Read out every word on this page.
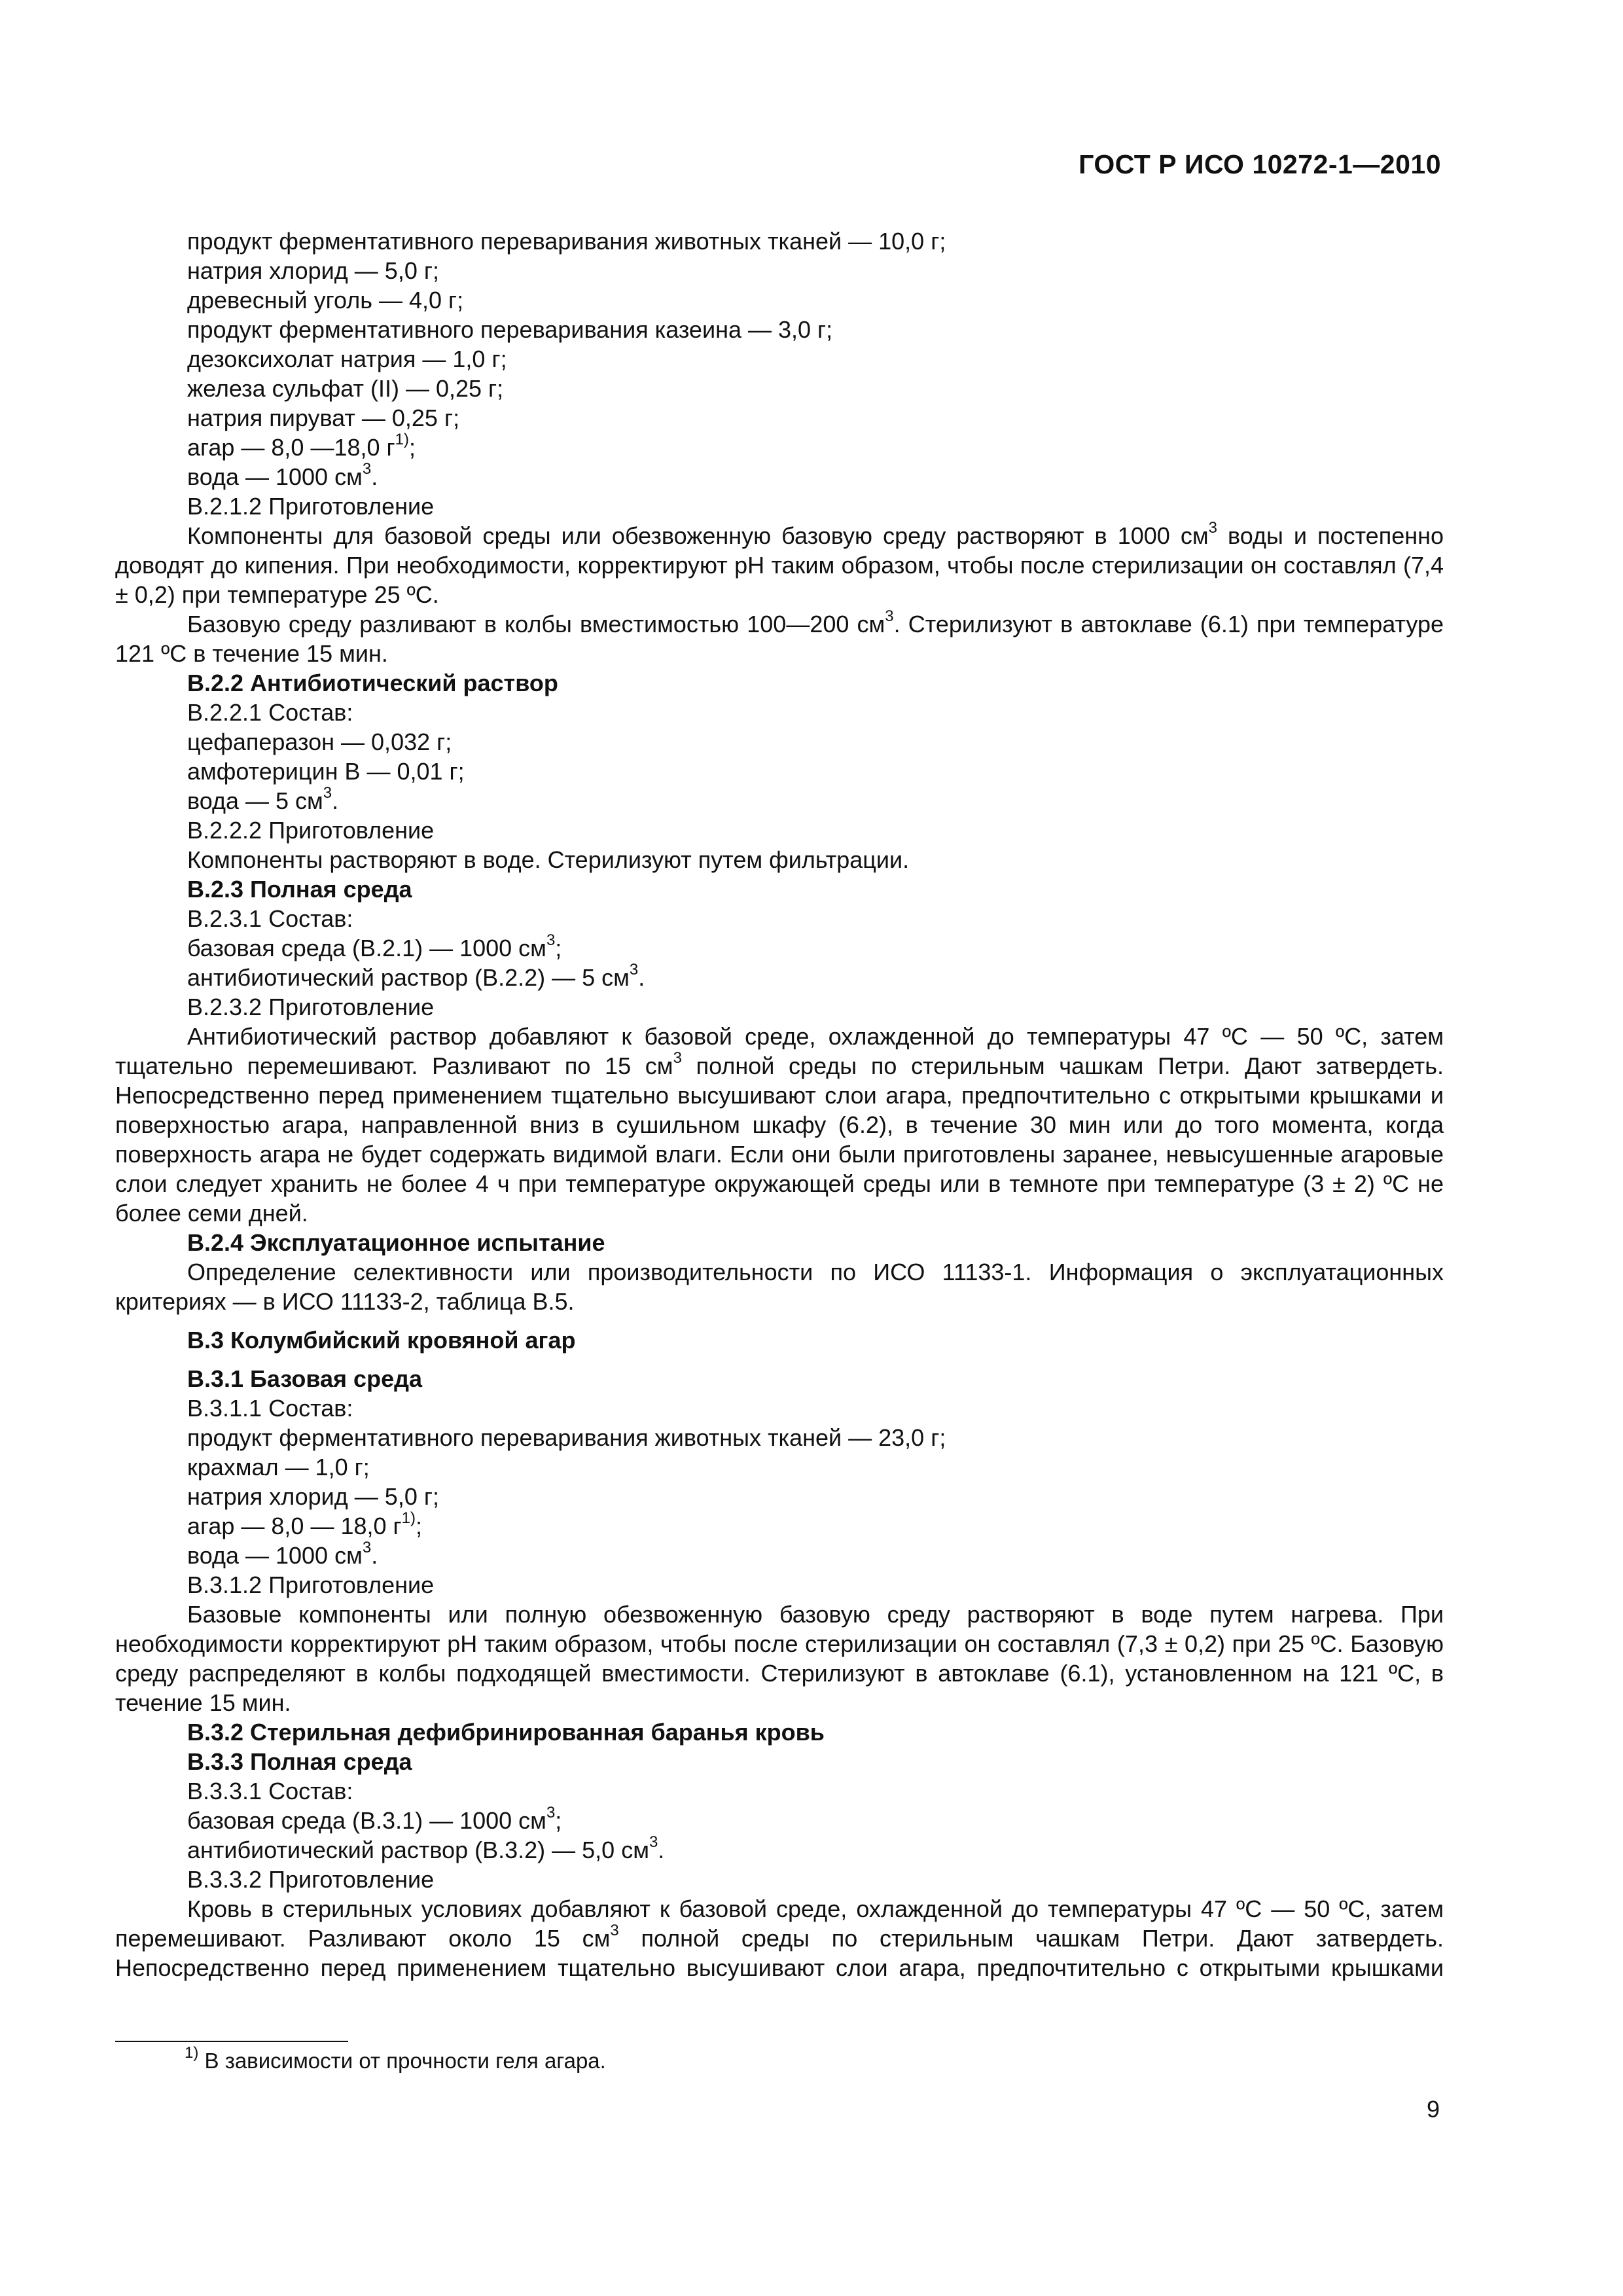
ГОСТ Р ИСО 10272-1—2010
продукт ферментативного переваривания животных тканей — 10,0 г;
натрия хлорид — 5,0 г;
древесный уголь — 4,0 г;
продукт ферментативного переваривания казеина — 3,0 г;
дезоксихолат натрия — 1,0 г;
железа сульфат (II) — 0,25 г;
натрия пируват — 0,25 г;
агар — 8,0 —18,0 $г^{1)}$;
вода — 1000 $см^3$.
В.2.1.2 Приготовление
Компоненты для базовой среды или обезвоженную базовую среду растворяют в 1000 $см^3$ воды и постепенно доводят до кипения. При необходимости, корректируют рН таким образом, чтобы после стерилизации он составлял (7,4 ± 0,2) при температуре 25 ºС.
Базовую среду разливают в колбы вместимостью 100—200 $см^3$. Стерилизуют в автоклаве (6.1) при температуре 121 ºС в течение 15 мин.
В.2.2 Антибиотический раствор
В.2.2.1 Состав:
цефаперазон — 0,032 г;
амфотерицин В — 0,01 г;
вода — 5 $см^3$.
В.2.2.2 Приготовление
Компоненты растворяют в воде. Стерилизуют путем фильтрации.
В.2.3 Полная среда
В.2.3.1 Состав:
базовая среда (В.2.1) — 1000 $см^3$;
антибиотический раствор (В.2.2) — 5 $см^3$.
В.2.3.2 Приготовление
Антибиотический раствор добавляют к базовой среде, охлажденной до температуры 47 ºС — 50 ºС, затем тщательно перемешивают. Разливают по 15 $см^3$ полной среды по стерильным чашкам Петри. Дают затвердеть. Непосредственно перед применением тщательно высушивают слои агара, предпочтительно с открытыми крышками и поверхностью агара, направленной вниз в сушильном шкафу (6.2), в течение 30 мин или до того момента, когда поверхность агара не будет содержать видимой влаги. Если они были приготовлены заранее, невысушенные агаровые слои следует хранить не более 4 ч при температуре окружающей среды или в темноте при температуре (3 ± 2) ºС не более семи дней.
В.2.4 Эксплуатационное испытание
Определение селективности или производительности по ИСО 11133-1. Информация о эксплуатационных критериях — в ИСО 11133-2, таблица В.5.
В.3 Колумбийский кровяной агар
В.3.1 Базовая среда
В.3.1.1 Состав:
продукт ферментативного переваривания животных тканей — 23,0 г;
крахмал — 1,0 г;
натрия хлорид — 5,0 г;
агар — 8,0 — 18,0 $г^{1)}$;
вода — 1000 $см^3$.
В.3.1.2 Приготовление
Базовые компоненты или полную обезвоженную базовую среду растворяют в воде путем нагрева. При необходимости корректируют рН таким образом, чтобы после стерилизации он составлял (7,3 ± 0,2) при 25 ºС. Базовую среду распределяют в колбы подходящей вместимости. Стерилизуют в автоклаве (6.1), установленном на 121 ºС, в течение 15 мин.
В.3.2 Стерильная дефибринированная баранья кровь
В.3.3 Полная среда
В.3.3.1 Состав:
базовая среда (В.3.1) — 1000 $см^3$;
антибиотический раствор (В.3.2) — 5,0 $см^3$.
В.3.3.2 Приготовление
Кровь в стерильных условиях добавляют к базовой среде, охлажденной до температуры 47 ºС — 50 ºС, затем перемешивают. Разливают около 15 $см^3$ полной среды по стерильным чашкам Петри. Дают затвердеть. Непосредственно перед применением тщательно высушивают слои агара, предпочтительно с открытыми крышками
$^{1)}$ В зависимости от прочности геля агара.
9
